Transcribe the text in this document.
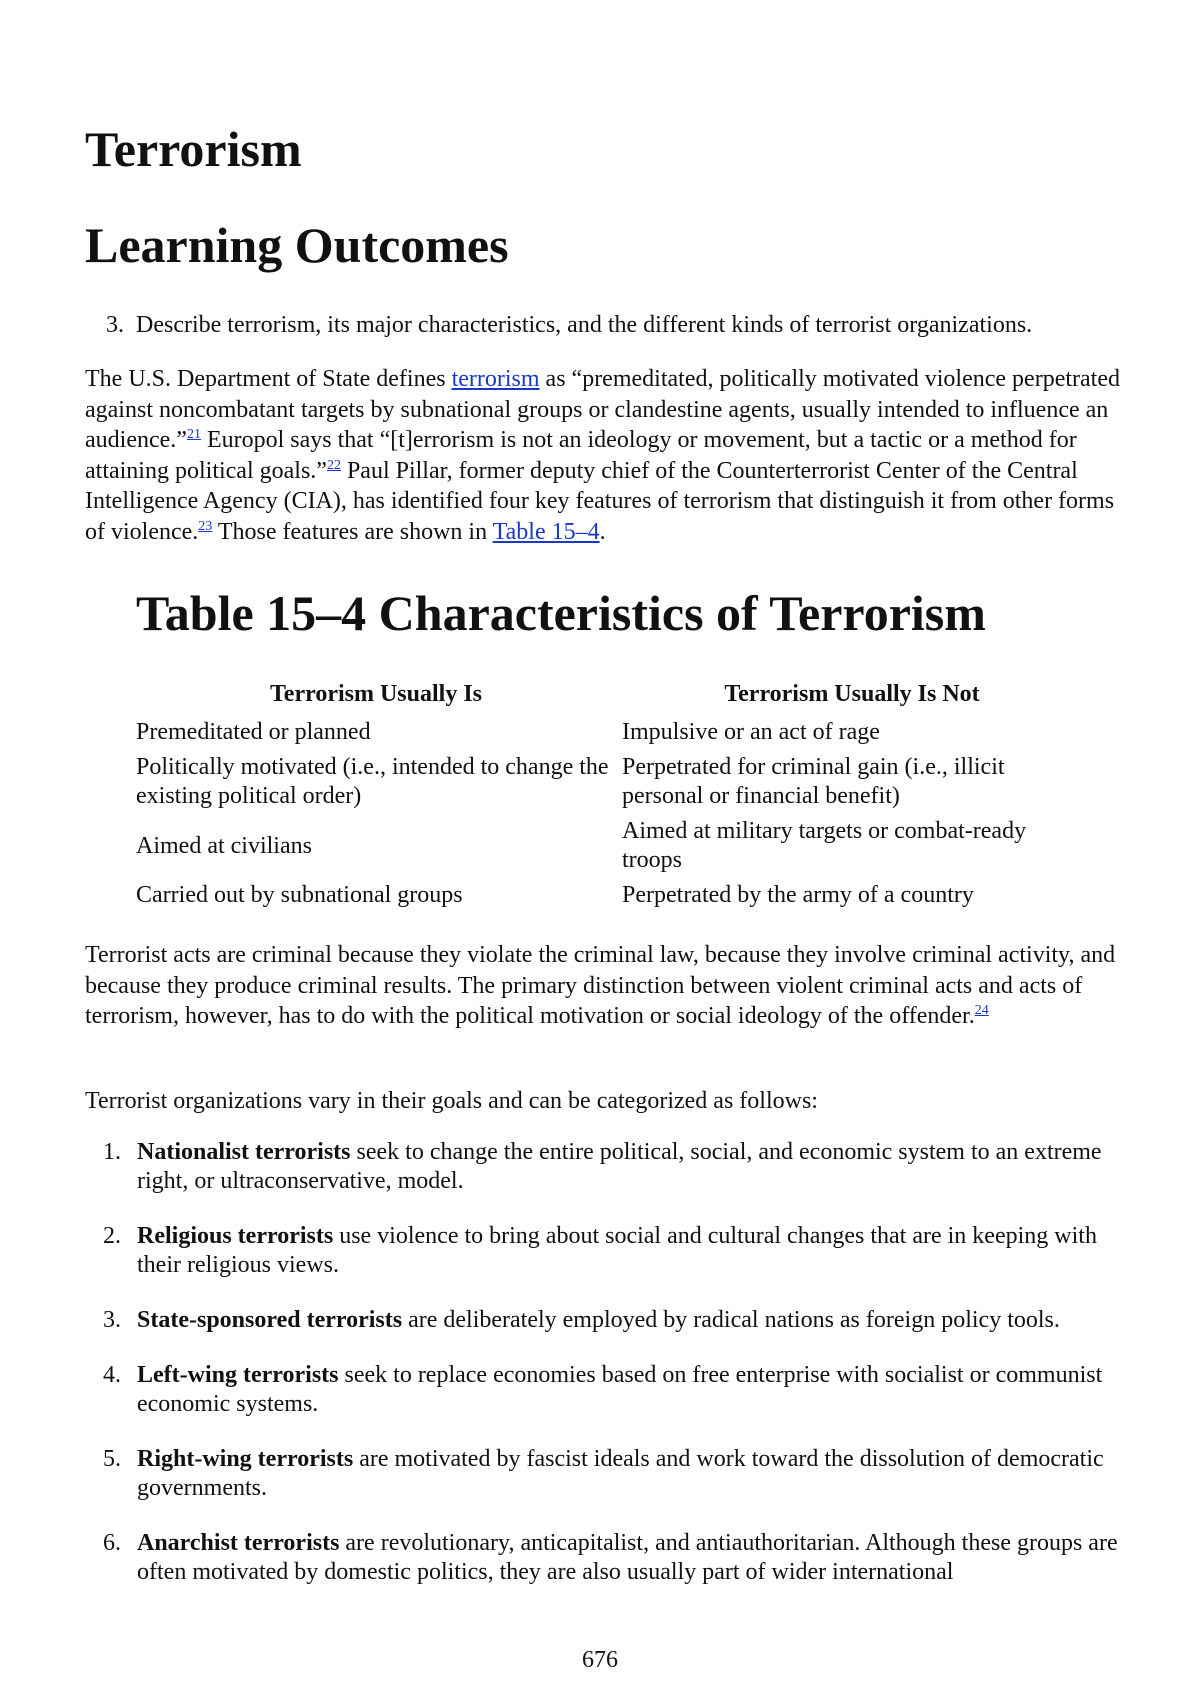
Terrorism
Learning Outcomes
3. Describe terrorism, its major characteristics, and the different kinds of terrorist organizations.

The U.S. Department of State defines terrorism as “premeditated, politically motivated violence perpetrated against noncombatant targets by subnational groups or clandestine agents, usually intended to influence an audience.”$^{21}$ Europol says that “[t]errorism is not an ideology or movement, but a tactic or a method for attaining political goals.”$^{22}$ Paul Pillar, former deputy chief of the Counterterrorist Center of the Central Intelligence Agency (CIA), has identified four key features of terrorism that distinguish it from other forms of violence.$^{23}$ Those features are shown in Table 15–4.

Table 15–4 Characteristics of Terrorism
Terrorism Usually Is	Terrorism Usually Is Not
Premeditated or planned	Impulsive or an act of rage
Politically motivated (i.e., intended to change the existing political order)	Perpetrated for criminal gain (i.e., illicit personal or financial benefit)
Aimed at civilians	Aimed at military targets or combat-ready troops
Carried out by subnational groups	Perpetrated by the army of a country

Terrorist acts are criminal because they violate the criminal law, because they involve criminal activity, and because they produce criminal results. The primary distinction between violent criminal acts and acts of terrorism, however, has to do with the political motivation or social ideology of the offender.$^{24}$

Terrorist organizations vary in their goals and can be categorized as follows:

1. Nationalist terrorists seek to change the entire political, social, and economic system to an extreme right, or ultraconservative, model.
2. Religious terrorists use violence to bring about social and cultural changes that are in keeping with their religious views.
3. State-sponsored terrorists are deliberately employed by radical nations as foreign policy tools.
4. Left-wing terrorists seek to replace economies based on free enterprise with socialist or communist economic systems.
5. Right-wing terrorists are motivated by fascist ideals and work toward the dissolution of democratic governments.
6. Anarchist terrorists are revolutionary, anticapitalist, and antiauthoritarian. Although these groups are often motivated by domestic politics, they are also usually part of wider international
676
